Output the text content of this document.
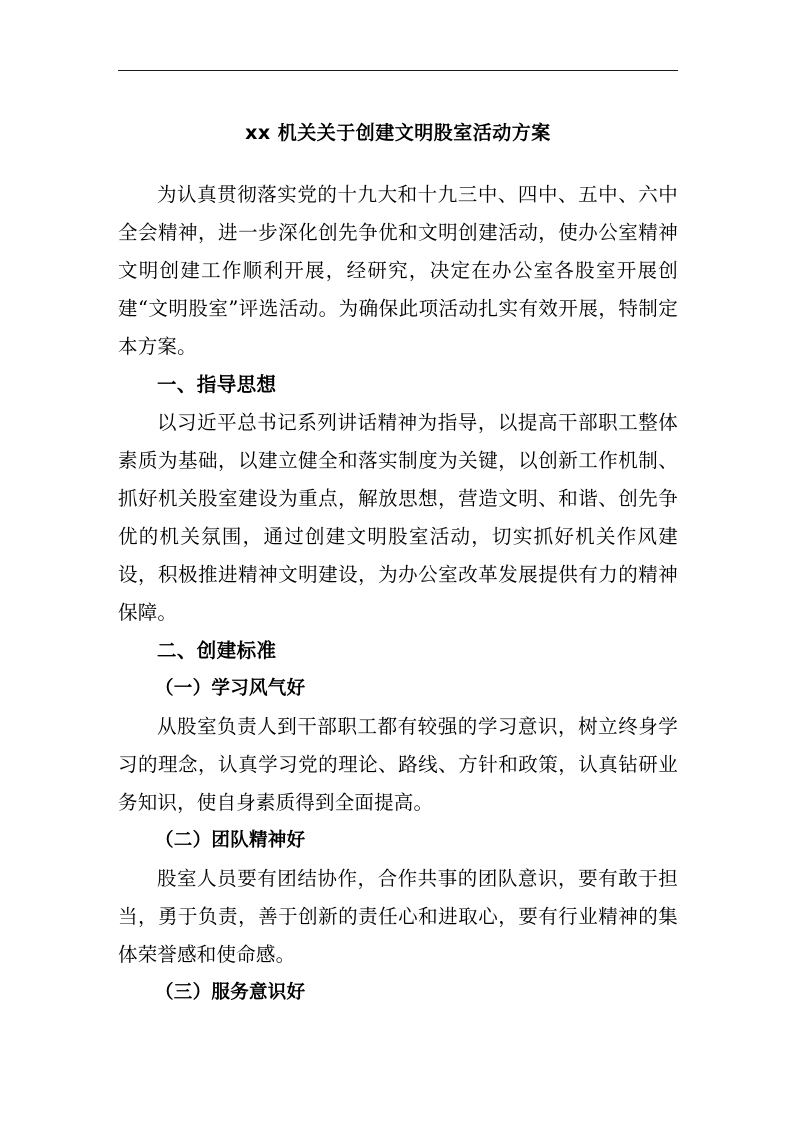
xx 机关关于创建文明股室活动方案

为认真贯彻落实党的十九大和十九三中、四中、五中、六中全会精神，进一步深化创先争优和文明创建活动，使办公室精神文明创建工作顺利开展，经研究，决定在办公室各股室开展创建“文明股室”评选活动。为确保此项活动扎实有效开展，特制定本方案。

一、指导思想

以习近平总书记系列讲话精神为指导，以提高干部职工整体素质为基础，以建立健全和落实制度为关键，以创新工作机制、抓好机关股室建设为重点，解放思想，营造文明、和谐、创先争优的机关氛围，通过创建文明股室活动，切实抓好机关作风建设，积极推进精神文明建设，为办公室改革发展提供有力的精神保障。

二、创建标准
（一）学习风气好

从股室负责人到干部职工都有较强的学习意识，树立终身学习的理念，认真学习党的理论、路线、方针和政策，认真钻研业务知识，使自身素质得到全面提高。

（二）团队精神好

股室人员要有团结协作，合作共事的团队意识，要有敢于担当，勇于负责，善于创新的责任心和进取心，要有行业精神的集体荣誉感和使命感。

（三）服务意识好
